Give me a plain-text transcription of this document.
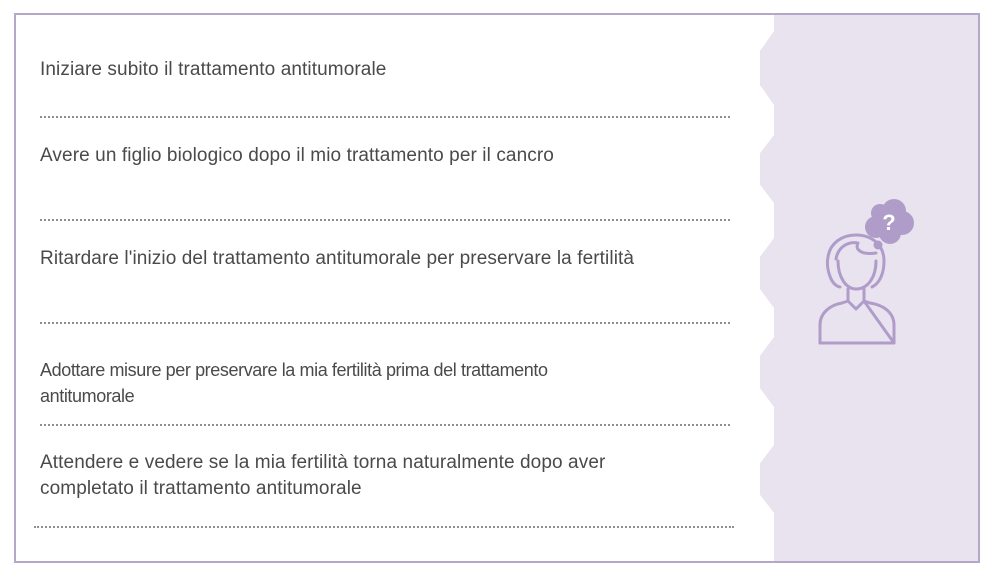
Iniziare subito il trattamento antitumorale
Avere un figlio biologico dopo il mio trattamento per il cancro
Ritardare l'inizio del trattamento antitumorale per preservare la fertilità
Adottare misure per preservare la mia fertilità prima del trattamento antitumorale
Attendere e vedere se la mia fertilità torna naturalmente dopo aver completato il trattamento antitumorale
?
